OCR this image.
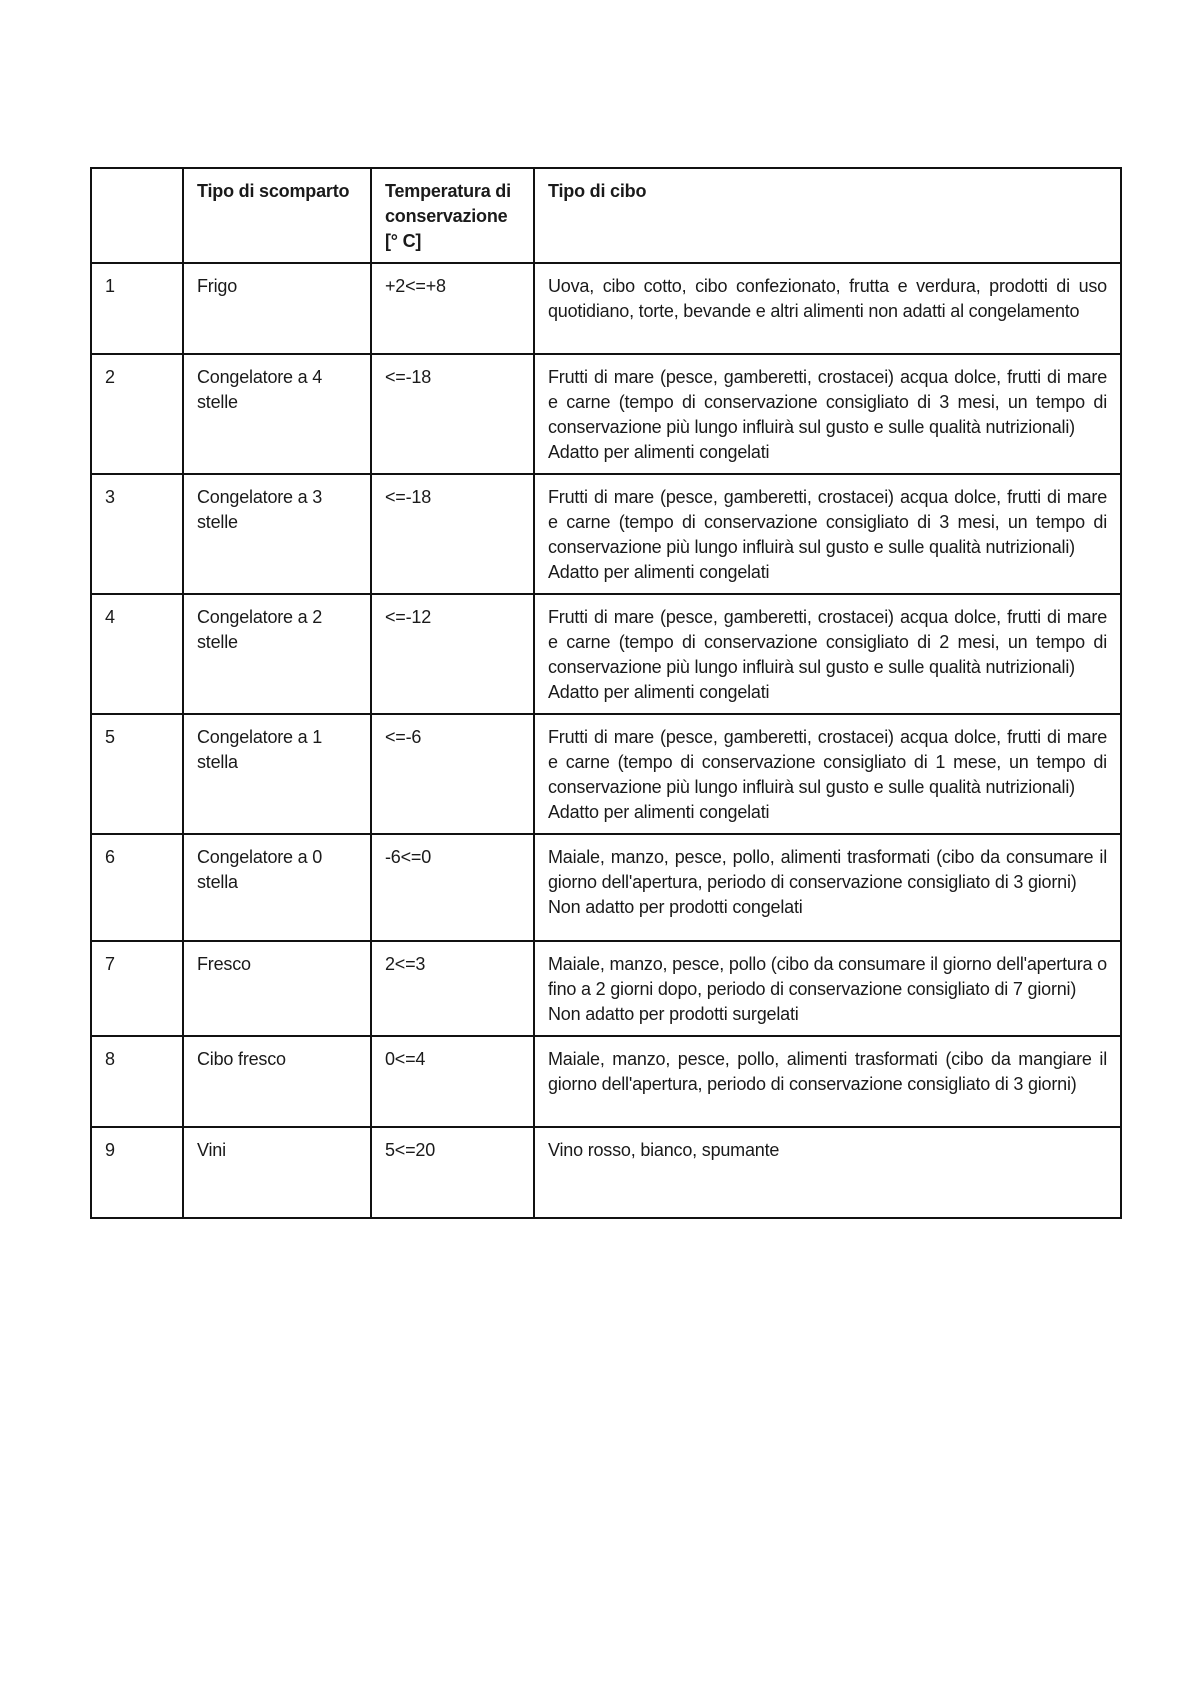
	Tipo di scomparto	Temperatura di conservazione [° C]	Tipo di cibo
1	Frigo	+2<=+8	Uova, cibo cotto, cibo confezionato, frutta e verdura, prodotti di uso quotidiano, torte, bevande e altri alimenti non adatti al congelamento

2	Congelatore a 4 stelle	<=-18	Frutti di mare (pesce, gamberetti, crostacei) acqua dolce, frutti di mare e carne (tempo di conservazione consigliato di 3 mesi, un tempo di conservazione più lungo influirà sul gusto e sulle qualità nutrizionali)
Adatto per alimenti congelati

3	Congelatore a 3 stelle	<=-18	Frutti di mare (pesce, gamberetti, crostacei) acqua dolce, frutti di mare e carne (tempo di conservazione consigliato di 3 mesi, un tempo di conservazione più lungo influirà sul gusto e sulle qualità nutrizionali)
Adatto per alimenti congelati

4	Congelatore a 2 stelle	<=-12	Frutti di mare (pesce, gamberetti, crostacei) acqua dolce, frutti di mare e carne (tempo di conservazione consigliato di 2 mesi, un tempo di conservazione più lungo influirà sul gusto e sulle qualità nutrizionali)
Adatto per alimenti congelati

5	Congelatore a 1 stella	<=-6	Frutti di mare (pesce, gamberetti, crostacei) acqua dolce, frutti di mare e carne (tempo di conservazione consigliato di 1 mese, un tempo di conservazione più lungo influirà sul gusto e sulle qualità nutrizionali)
Adatto per alimenti congelati

6	Congelatore a 0 stella	-6<=0	Maiale, manzo, pesce, pollo, alimenti trasformati (cibo da consumare il giorno dell'apertura, periodo di conservazione consigliato di 3 giorni)
Non adatto per prodotti congelati

7	Fresco	2<=3	Maiale, manzo, pesce, pollo (cibo da consumare il giorno dell'apertura o fino a 2 giorni dopo, periodo di conservazione consigliato di 7 giorni)
Non adatto per prodotti surgelati

8	Cibo fresco	0<=4	Maiale, manzo, pesce, pollo, alimenti trasformati (cibo da mangiare il giorno dell'apertura, periodo di conservazione consigliato di 3 giorni)

9	Vini	5<=20	Vino rosso, bianco, spumante
